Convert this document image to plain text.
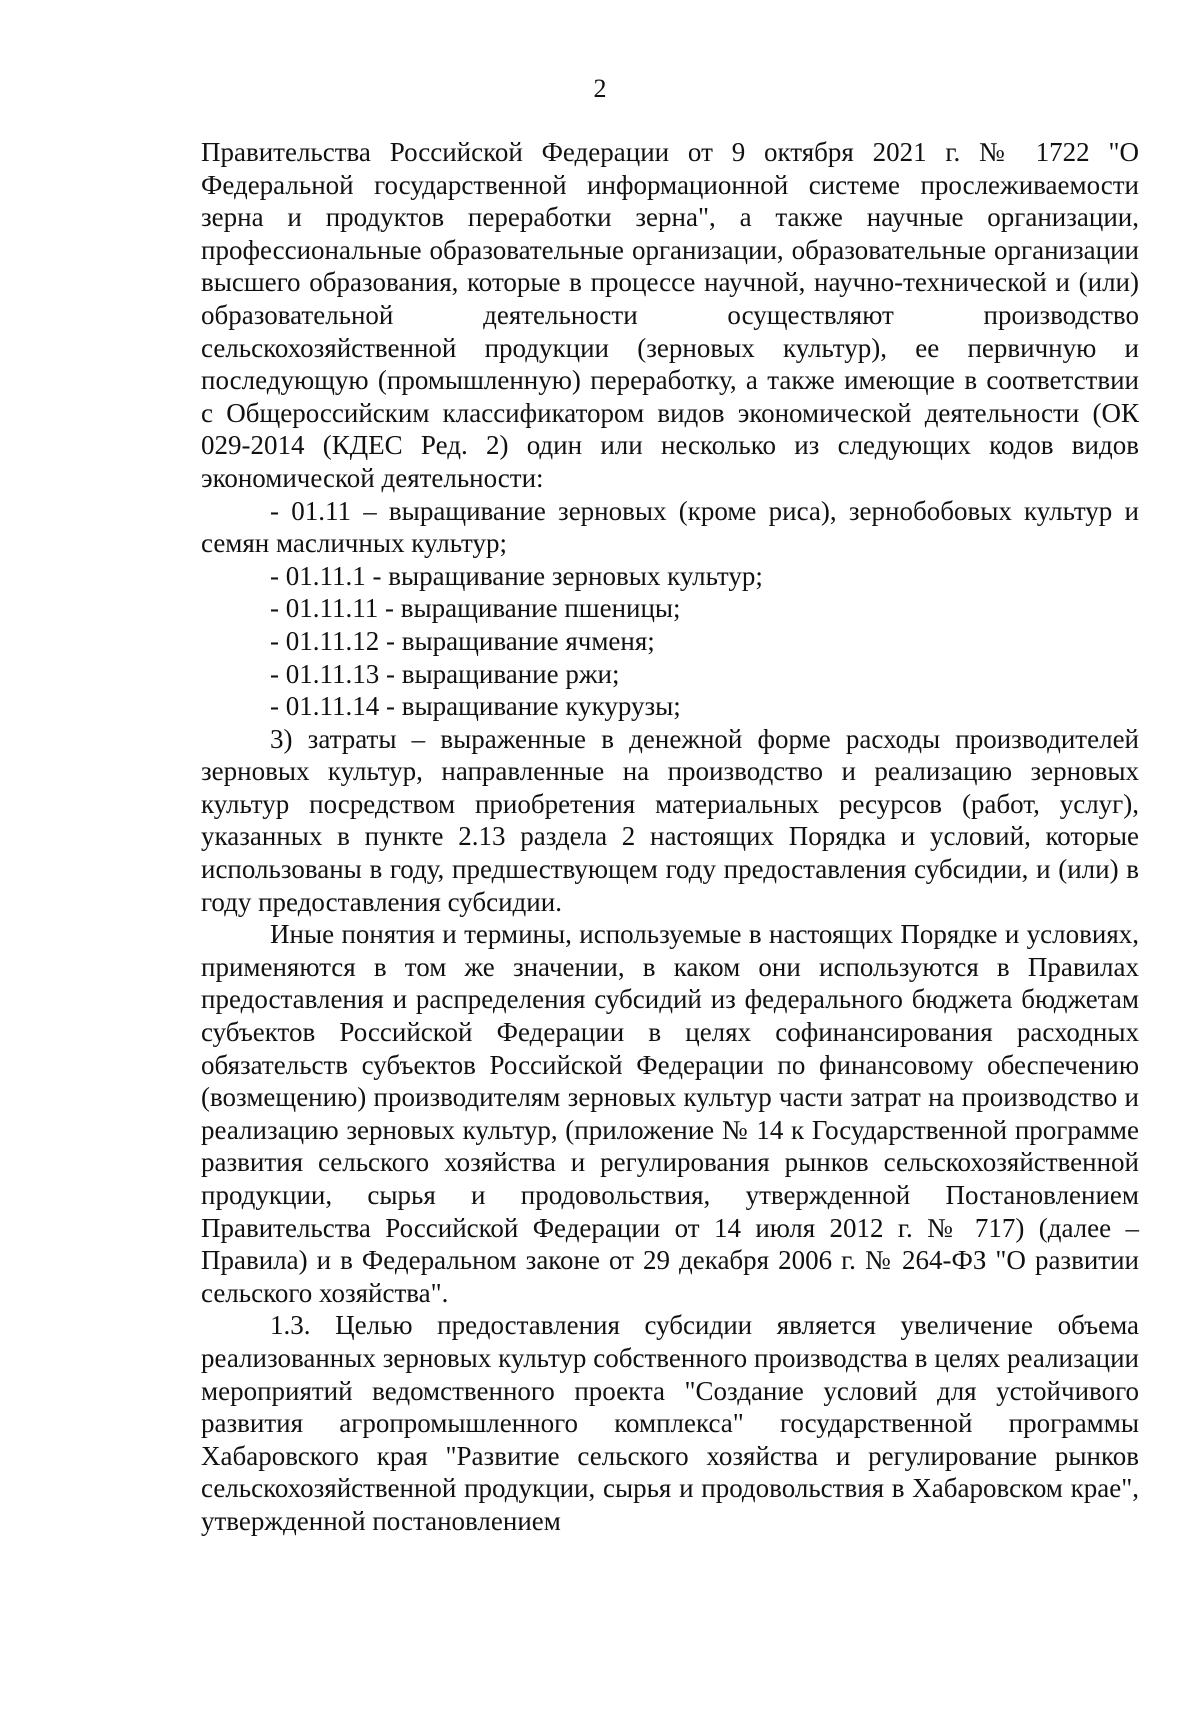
2

Правительства Российской Федерации от 9 октября 2021 г. № 1722 "О Федеральной государственной информационной системе прослеживаемости зерна и продуктов переработки зерна", а также научные организации, профессиональные образовательные организации, образовательные организации высшего образования, которые в процессе научной, научно-технической и (или) образовательной деятельности осуществляют производство сельскохозяйственной продукции (зерновых культур), ее первичную и последующую (промышленную) переработку, а также имеющие в соответствии с Общероссийским классификатором видов экономической деятельности (ОК 029-2014 (КДЕС Ред. 2) один или несколько из следующих кодов видов экономической деятельности:

- 01.11 – выращивание зерновых (кроме риса), зернобобовых культур и семян масличных культур;

- 01.11.1 - выращивание зерновых культур;

- 01.11.11 - выращивание пшеницы;

- 01.11.12 - выращивание ячменя;

- 01.11.13 - выращивание ржи;

- 01.11.14 - выращивание кукурузы;

3) затраты – выраженные в денежной форме расходы производителей зерновых культур, направленные на производство и реализацию зерновых культур посредством приобретения материальных ресурсов (работ, услуг), указанных в пункте 2.13 раздела 2 настоящих Порядка и условий, которые использованы в году, предшествующем году предоставления субсидии, и (или) в году предоставления субсидии.

Иные понятия и термины, используемые в настоящих Порядке и условиях, применяются в том же значении, в каком они используются в Правилах предоставления и распределения субсидий из федерального бюджета бюджетам субъектов Российской Федерации в целях софинансирования расходных обязательств субъектов Российской Федерации по финансовому обеспечению (возмещению) производителям зерновых культур части затрат на производство и реализацию зерновых культур, (приложение № 14 к Государственной программе развития сельского хозяйства и регулирования рынков сельскохозяйственной продукции, сырья и продовольствия, утвержденной Постановлением Правительства Российской Федерации от 14 июля 2012 г. № 717) (далее – Правила) и в Федеральном законе от 29 декабря 2006 г. № 264-ФЗ "О развитии сельского хозяйства".

1.3. Целью предоставления субсидии является увеличение объема реализованных зерновых культур собственного производства в целях реализации мероприятий ведомственного проекта "Создание условий для устойчивого развития агропромышленного комплекса" государственной программы Хабаровского края "Развитие сельского хозяйства и регулирование рынков сельскохозяйственной продукции, сырья и продовольствия в Хабаровском крае", утвержденной постановлением
